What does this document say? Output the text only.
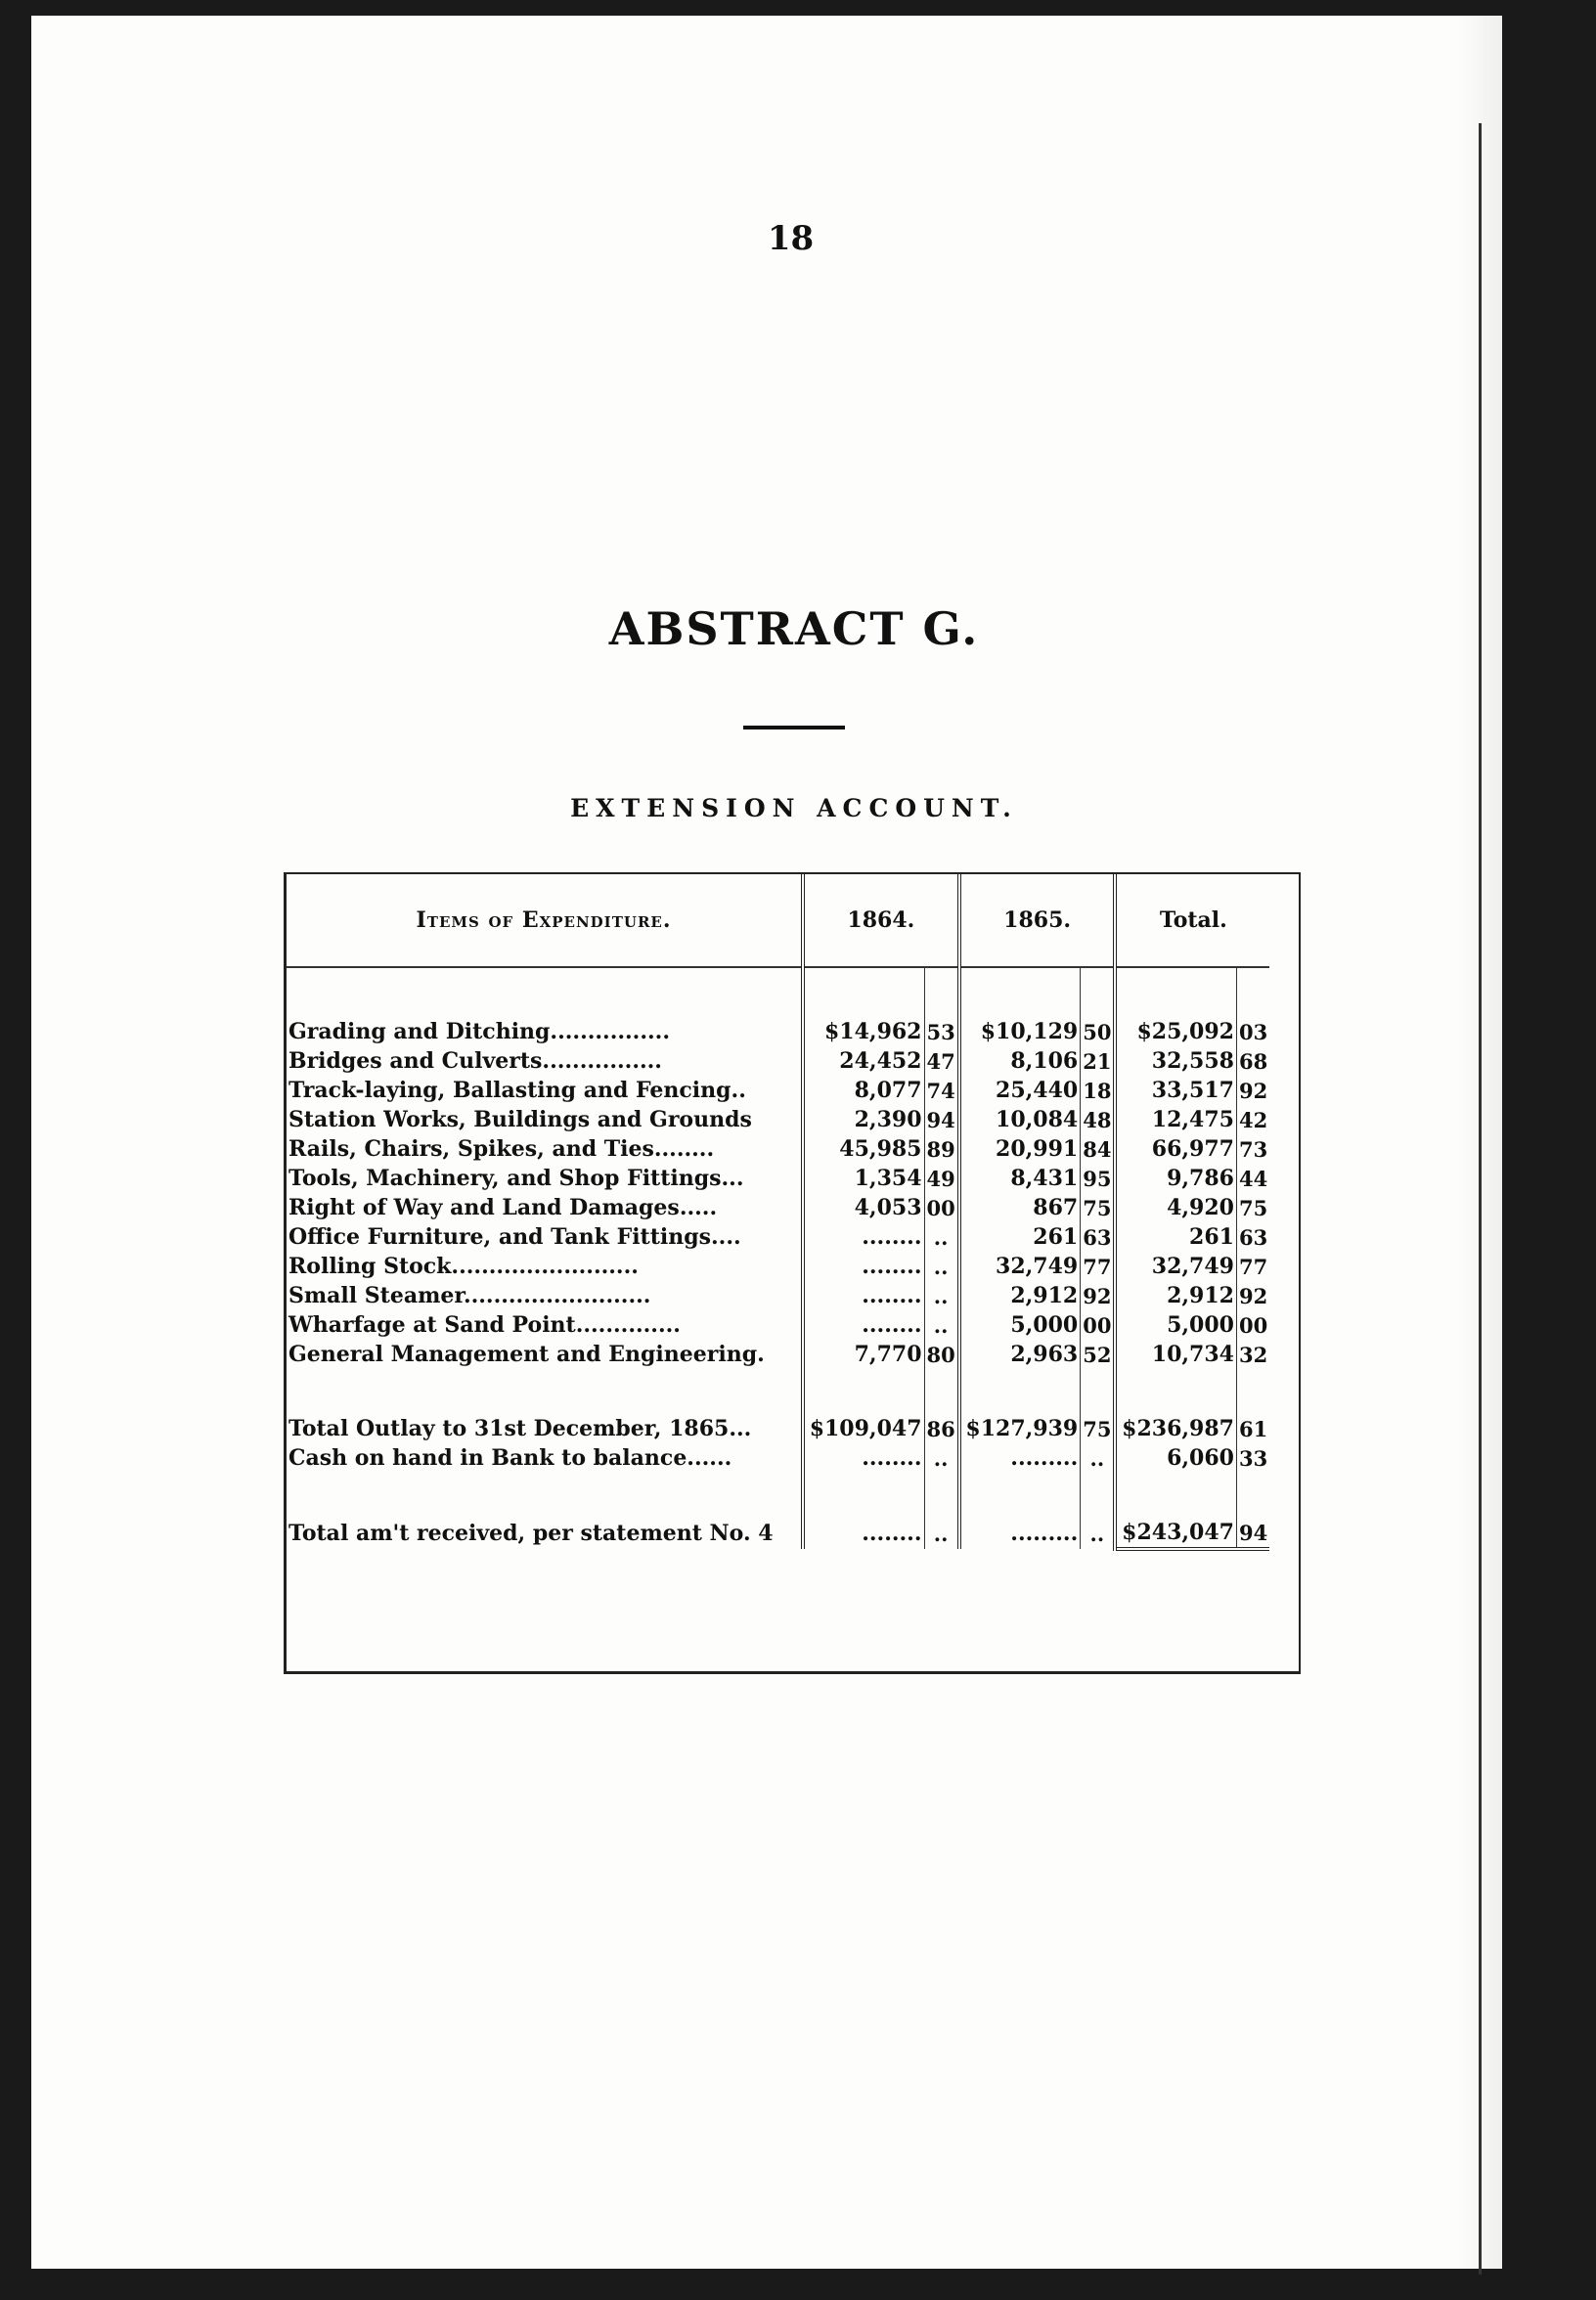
18
ABSTRACT G.
EXTENSION ACCOUNT.
Items of Expenditure.	1864.		1865.		Total.	

Grading and Ditching................	$14,962	53	$10,129	50	$25,092	03
Bridges and Culverts................	24,452	47	8,106	21	32,558	68
Track-laying, Ballasting and Fencing..	8,077	74	25,440	18	33,517	92
Station Works, Buildings and Grounds	2,390	94	10,084	48	12,475	42
Rails, Chairs, Spikes, and Ties........	45,985	89	20,991	84	66,977	73
Tools, Machinery, and Shop Fittings...	1,354	49	8,431	95	9,786	44
Right of Way and Land Damages.....	4,053	00	867	75	4,920	75
Office Furniture, and Tank Fittings....	........	..	261	63	261	63
Rolling Stock.........................	........	..	32,749	77	32,749	77
Small Steamer.........................	........	..	2,912	92	2,912	92
Wharfage at Sand Point..............	........	..	5,000	00	5,000	00
General Management and Engineering.	7,770	80	2,963	52	10,734	32

Total Outlay to 31st December, 1865...	$109,047	86	$127,939	75	$236,987	61
Cash on hand in Bank to balance......	........	..	.........	..	6,060	33

Total am't received, per statement No. 4	........	..	.........	..	$243,047	94
